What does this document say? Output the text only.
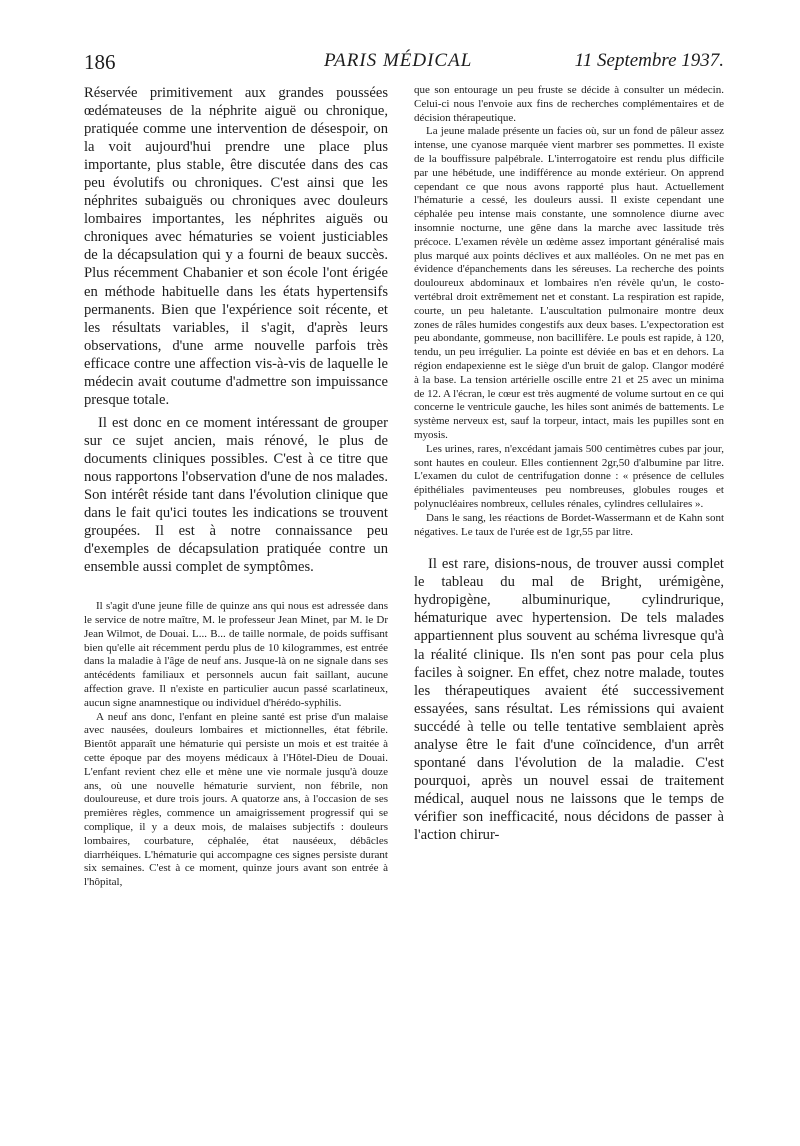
186	PARIS MÉDICAL	11 Septembre 1937.

Réservée primitivement aux grandes poussées œdémateuses de la néphrite aiguë ou chronique, pratiquée comme une intervention de désespoir, on la voit aujourd'hui prendre une place plus importante, plus stable, être discutée dans des cas peu évolutifs ou chroniques. C'est ainsi que les néphrites subaiguës ou chroniques avec douleurs lombaires importantes, les néphrites aiguës ou chroniques avec hématuries se voient justiciables de la décapsulation qui y a fourni de beaux succès. Plus récemment Chabanier et son école l'ont érigée en méthode habituelle dans les états hypertensifs permanents. Bien que l'expérience soit récente, et les résultats variables, il s'agit, d'après leurs observations, d'une arme nouvelle parfois très efficace contre une affection vis-à-vis de laquelle le médecin avait coutume d'admettre son impuissance presque totale.

Il est donc en ce moment intéressant de grouper sur ce sujet ancien, mais rénové, le plus de documents cliniques possibles. C'est à ce titre que nous rapportons l'observation d'une de nos malades. Son intérêt réside tant dans l'évolution clinique que dans le fait qu'ici toutes les indications se trouvent groupées. Il est à notre connaissance peu d'exemples de décapsulation pratiquée contre un ensemble aussi complet de symptômes.

Il s'agit d'une jeune fille de quinze ans qui nous est adressée dans le service de notre maître, M. le professeur Jean Minet, par M. le Dr Jean Wilmot, de Douai. L... B... de taille normale, de poids suffisant bien qu'elle ait récemment perdu plus de 10 kilogrammes, est entrée dans la maladie à l'âge de neuf ans. Jusque-là on ne signale dans ses antécédents familiaux et personnels aucun fait saillant, aucune affection grave. Il n'existe en particulier aucun passé scarlatineux, aucun signe anamnestique ou individuel d'hérédo-syphilis.

A neuf ans donc, l'enfant en pleine santé est prise d'un malaise avec nausées, douleurs lombaires et mictionnelles, état fébrile. Bientôt apparaît une hématurie qui persiste un mois et est traitée à cette époque par des moyens médicaux à l'Hôtel-Dieu de Douai. L'enfant revient chez elle et mène une vie normale jusqu'à douze ans, où une nouvelle hématurie survient, non fébrile, non douloureuse, et dure trois jours. A quatorze ans, à l'occasion de ses premières règles, commence un amaigrissement progressif qui se complique, il y a deux mois, de malaises subjectifs : douleurs lombaires, courbature, céphalée, état nauséeux, débâcles diarrhéiques. L'hématurie qui accompagne ces signes persiste durant six semaines. C'est à ce moment, quinze jours avant son entrée à l'hôpital,

que son entourage un peu fruste se décide à consulter un médecin. Celui-ci nous l'envoie aux fins de recherches complémentaires et de décision thérapeutique.

La jeune malade présente un facies où, sur un fond de pâleur assez intense, une cyanose marquée vient marbrer ses pommettes. Il existe de la bouffissure palpébrale. L'interrogatoire est rendu plus difficile par une hébétude, une indifférence au monde extérieur. On apprend cependant ce que nous avons rapporté plus haut. Actuellement l'hématurie a cessé, les douleurs aussi. Il existe cependant une céphalée peu intense mais constante, une somnolence diurne avec insomnie nocturne, une gêne dans la marche avec lassitude très précoce. L'examen révèle un œdème assez important généralisé mais plus marqué aux points déclives et aux malléoles. On ne met pas en évidence d'épanchements dans les séreuses. La recherche des points douloureux abdominaux et lombaires n'en révèle qu'un, le costo-vertébral droit extrêmement net et constant. La respiration est rapide, courte, un peu haletante. L'auscultation pulmonaire montre deux zones de râles humides congestifs aux deux bases. L'expectoration est peu abondante, gommeuse, non bacillifère. Le pouls est rapide, à 120, tendu, un peu irrégulier. La pointe est déviée en bas et en dehors. La région endapexienne est le siège d'un bruit de galop. Clangor modéré à la base. La tension artérielle oscille entre 21 et 25 avec un minima de 12. A l'écran, le cœur est très augmenté de volume surtout en ce qui concerne le ventricule gauche, les hiles sont animés de battements. Le système nerveux est, sauf la torpeur, intact, mais les pupilles sont en myosis.

Les urines, rares, n'excédant jamais 500 centimètres cubes par jour, sont hautes en couleur. Elles contiennent 2gr,50 d'albumine par litre. L'examen du culot de centrifugation donne : « présence de cellules épithéliales pavimenteuses peu nombreuses, globules rouges et polynucléaires nombreux, cellules rénales, cylindres cellulaires ».

Dans le sang, les réactions de Bordet-Wassermann et de Kahn sont négatives. Le taux de l'urée est de 1gr,55 par litre.

Il est rare, disions-nous, de trouver aussi complet le tableau du mal de Bright, urémigène, hydropigène, albuminurique, cylindrurique, hématurique avec hypertension. De tels malades appartiennent plus souvent au schéma livresque qu'à la réalité clinique. Ils n'en sont pas pour cela plus faciles à soigner. En effet, chez notre malade, toutes les thérapeutiques avaient été successivement essayées, sans résultat. Les rémissions qui avaient succédé à telle ou telle tentative semblaient après analyse être le fait d'une coïncidence, d'un arrêt spontané dans l'évolution de la maladie. C'est pourquoi, après un nouvel essai de traitement médical, auquel nous ne laissons que le temps de vérifier son inefficacité, nous décidons de passer à l'action chirur-
